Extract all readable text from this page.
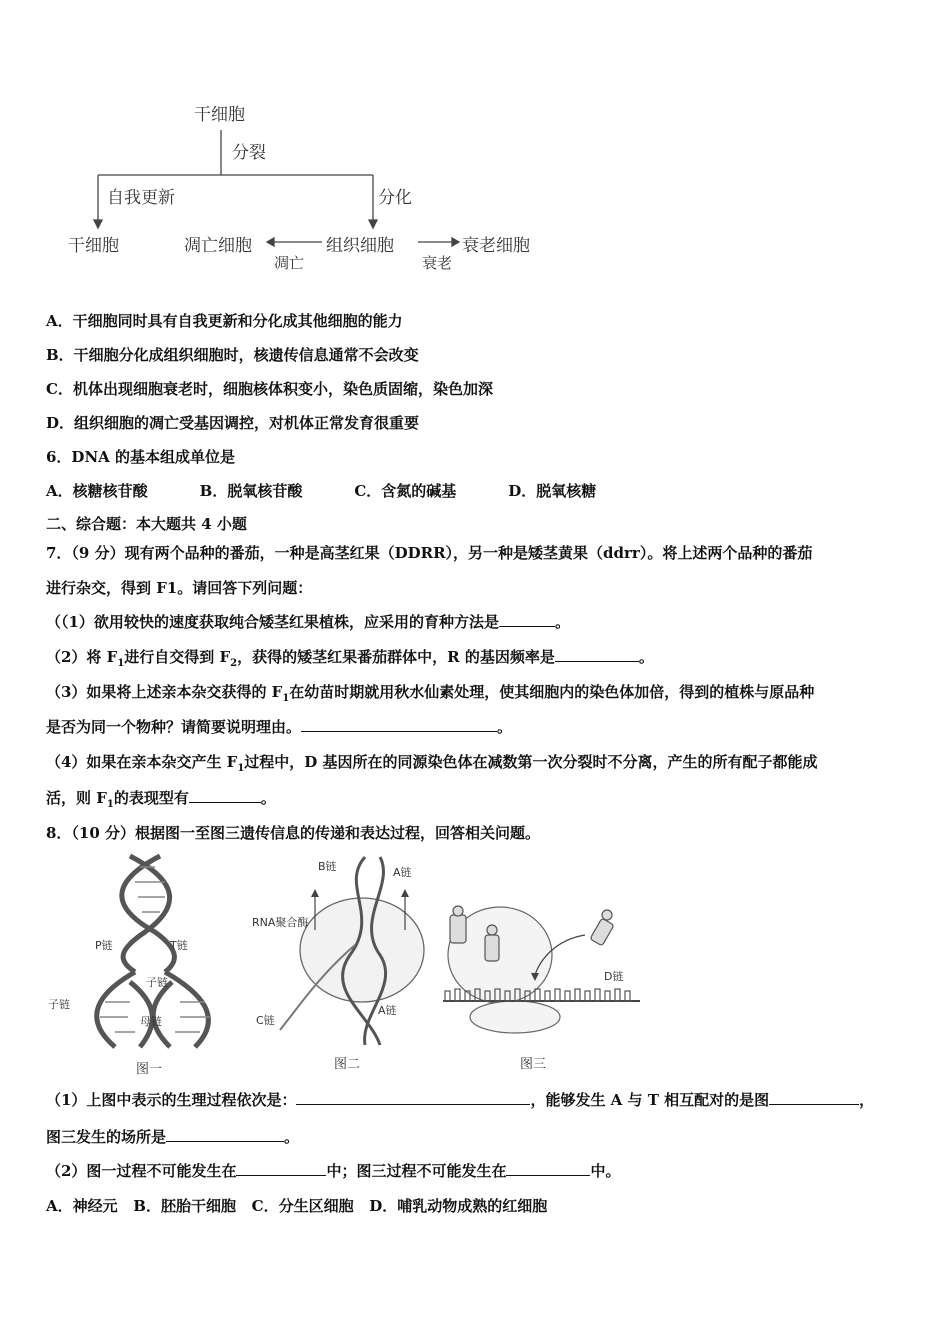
干细胞
分裂
自我更新	分化
干细胞	凋亡细胞	组织细胞	衰老细胞
凋亡	衰老
A．干细胞同时具有自我更新和分化成其他细胞的能力
B．干细胞分化成组织细胞时，核遗传信息通常不会改变
C．机体出现细胞衰老时，细胞核体积变小，染色质固缩，染色加深
D．组织细胞的凋亡受基因调控，对机体正常发育很重要
6．DNA 的基本组成单位是
A．核糖核苷酸	B．脱氧核苷酸	C．含氮的碱基	D．脱氧核糖
二、综合题：本大题共 4 小题
7．（9 分）现有两个品种的番茄，一种是高茎红果（DDRR），另一种是矮茎黄果（ddrr）。将上述两个品种的番茄
进行杂交，得到 F1。请回答下列问题：
（（1）欲用较快的速度获取纯合矮茎红果植株，应采用的育种方法是	。
（2）将 $F_1$进行自交得到 $F_2$，获得的矮茎红果番茄群体中，R 的基因频率是	。
（3）如果将上述亲本杂交获得的 $F_1$在幼苗时期就用秋水仙素处理，使其细胞内的染色体加倍，得到的植株与原品种
是否为同一个物种？请简要说明理由。	。
（4）如果在亲本杂交产生 $F_1$过程中，D 基因所在的同源染色体在减数第一次分裂时不分离，产生的所有配子都能成
活，则 $F_1$的表现型有	。
8．（10 分）根据图一至图三遗传信息的传递和表达过程，回答相关问题。
P链	T链
子链
子链
母链
图一
B链	A链
RNA聚合酶
C链
A链
图二
D链
图三
（1）上图中表示的生理过程依次是：	，能够发生 A 与 T 相互配对的是图	，
图三发生的场所是	。
（2）图一过程不可能发生在	中；图三过程不可能发生在	中。
A．神经元   B．胚胎干细胞   C．分生区细胞   D．哺乳动物成熟的红细胞
